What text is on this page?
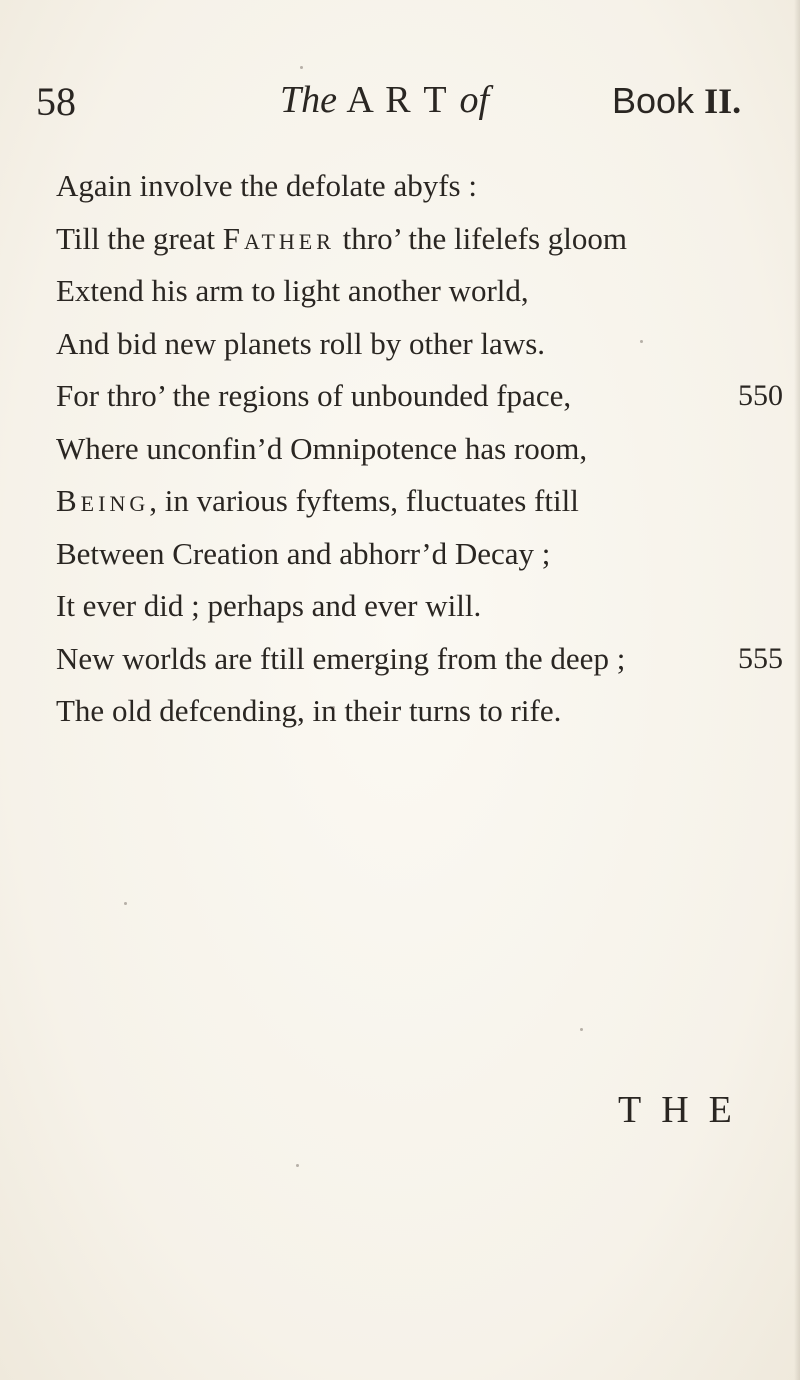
58	The A R T of	Book II.
Again involve the defolate abyfs :
Till the great Father thro’ the lifelefs gloom
Extend his arm to light another world,
And bid new planets roll by other laws.
For thro’ the regions of unbounded fpace,	550
Where unconfin’d Omnipotence has room,
Being, in various fyftems, fluctuates ftill
Between Creation and abhorr’d Decay ;
It ever did ; perhaps and ever will.
New worlds are ftill emerging from the deep ;	555
The old defcending, in their turns to rife.
THE
